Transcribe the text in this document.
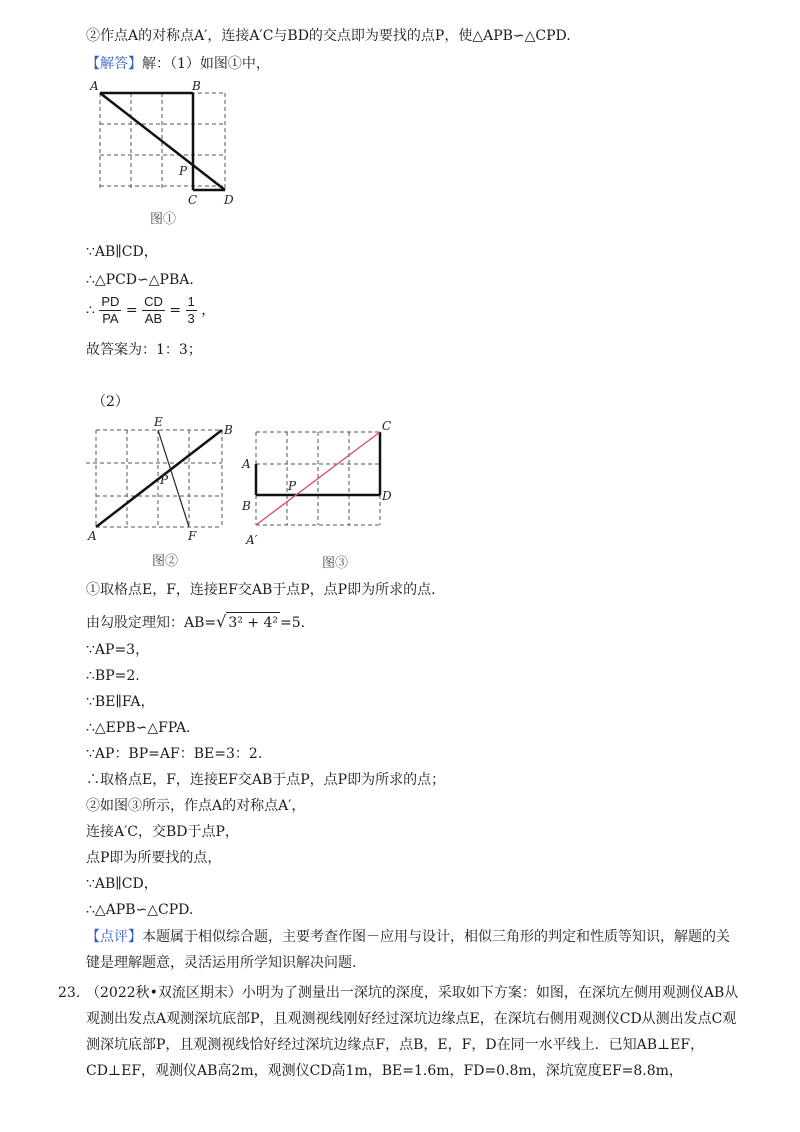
②作点A的对称点A′，连接A′C与BD的交点即为要找的点P，使△APB∽△CPD.
【解答】解：（1）如图①中，
A	B
P
C D
图①
∵AB∥CD，
∴△PCD∽△PBA.
∴ $\frac{PD}{PA} = \frac{CD}{AB} = \frac{1}{3}$ ，
故答案为：1：3；
（2）
E
B
P
A	F
图②
C
A
B
P
D
A′
图③
①取格点E，F，连接EF交AB于点P，点P即为所求的点.
由勾股定理知：AB=√ 3² + 4² =5.
∵AP=3，
∴BP=2.
∵BE∥FA，
∴△EPB∽△FPA.
∵AP：BP=AF：BE=3：2.
∴取格点E，F，连接EF交AB于点P，点P即为所求的点；
②如图③所示，作点A的对称点A′，
连接A′C，交BD于点P，
点P即为所要找的点，
∵AB∥CD，
∴△APB∽△CPD.
【点评】本题属于相似综合题，主要考查作图－应用与设计，相似三角形的判定和性质等知识，解题的关键是理解题意，灵活运用所学知识解决问题.
23. （2022秋•双流区期末）小明为了测量出一深坑的深度，采取如下方案：如图，在深坑左侧用观测仪AB从观测出发点A观测深坑底部P，且观测视线刚好经过深坑边缘点E，在深坑右侧用观测仪CD从测出发点C观测深坑底部P，且观测视线恰好经过深坑边缘点F，点B，E，F，D在同一水平线上．已知AB⊥EF，CD⊥EF，观测仪AB高2m，观测仪CD高1m，BE=1.6m，FD=0.8m，深坑宽度EF=8.8m，
